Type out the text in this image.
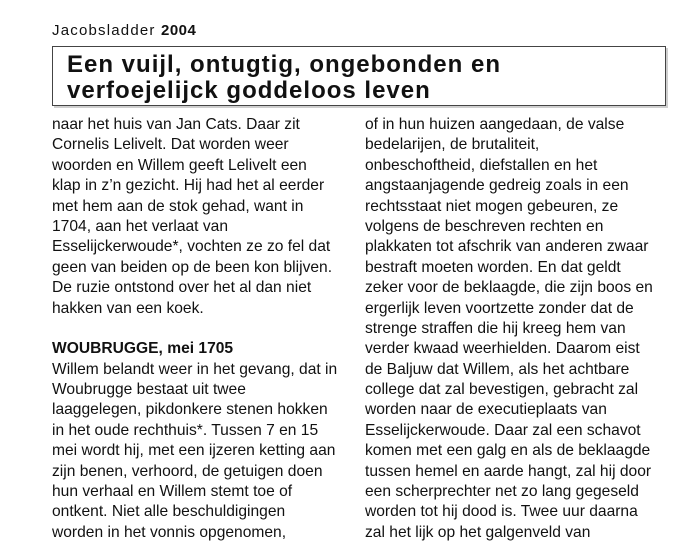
Jacobsladder 2004
Een vuijl, ontugtig, ongebonden en
verfoejelijck goddeloos leven
naar het huis van Jan Cats. Daar zit
Cornelis Lelivelt. Dat worden weer
woorden en Willem geeft Lelivelt een
klap in z’n gezicht. Hij had het al eerder
met hem aan de stok gehad, want in
1704, aan het verlaat van
Esselijckerwoude*, vochten ze zo fel dat
geen van beiden op de been kon blijven.
De ruzie ontstond over het al dan niet
hakken van een koek.
WOUBRUGGE, mei 1705
Willem belandt weer in het gevang, dat in
Woubrugge bestaat uit twee
laaggelegen, pikdonkere stenen hokken
in het oude rechthuis*. Tussen 7 en 15
mei wordt hij, met een ijzeren ketting aan
zijn benen, verhoord, de getuigen doen
hun verhaal en Willem stemt toe of
ontkent. Niet alle beschuldigingen
worden in het vonnis opgenomen,
of in hun huizen aangedaan, de valse
bedelarijen, de brutaliteit,
onbeschoftheid, diefstallen en het
angstaanjagende gedreig zoals in een
rechtsstaat niet mogen gebeuren, ze
volgens de beschreven rechten en
plakkaten tot afschrik van anderen zwaar
bestraft moeten worden. En dat geldt
zeker voor de beklaagde, die zijn boos en
ergerlijk leven voortzette zonder dat de
strenge straffen die hij kreeg hem van
verder kwaad weerhielden. Daarom eist
de Baljuw dat Willem, als het achtbare
college dat zal bevestigen, gebracht zal
worden naar de executieplaats van
Esselijckerwoude. Daar zal een schavot
komen met een galg en als de beklaagde
tussen hemel en aarde hangt, zal hij door
een scherprechter net zo lang gegeseld
worden tot hij dood is. Twee uur daarna
zal het lijk op het galgenveld van
